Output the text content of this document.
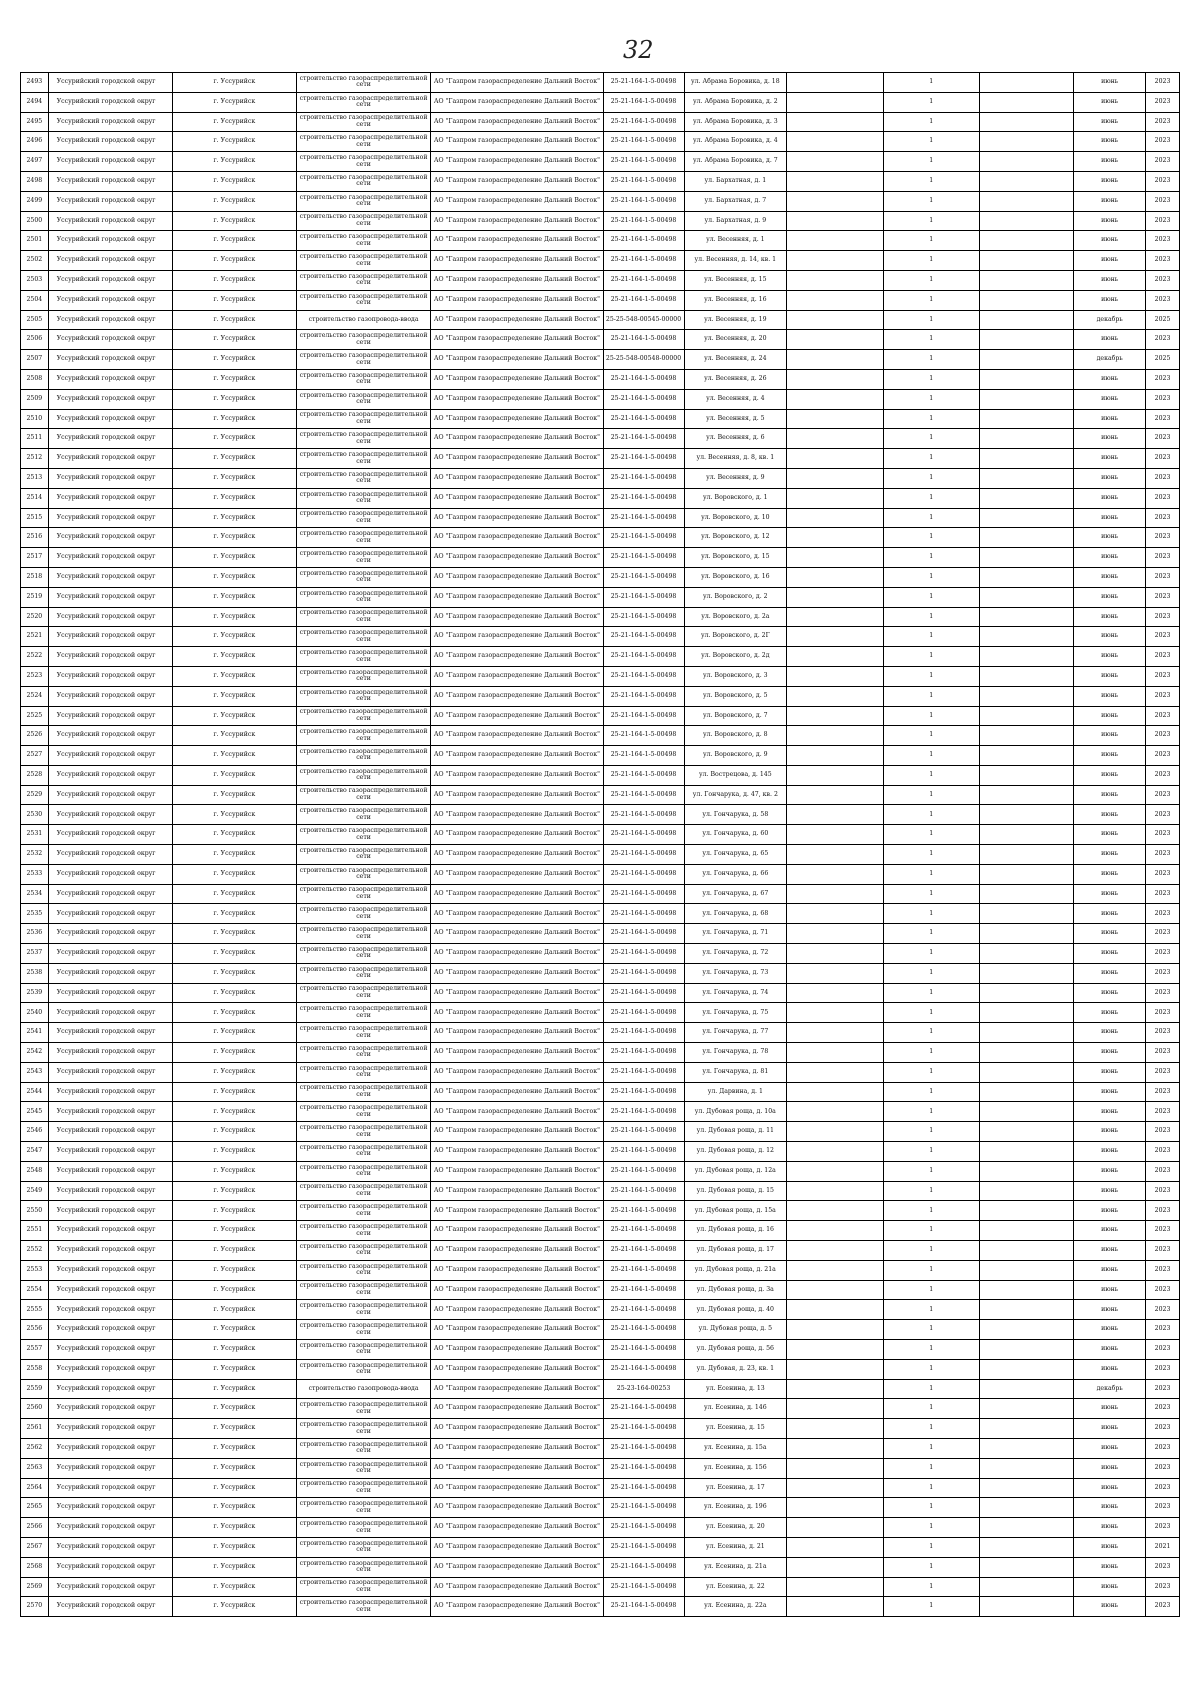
32
2493	Уссурийский городской округ	г. Уссурийск	строительство газораспределительной сети	АО "Газпром газораспределение Дальний Восток"	25-21-164-1-5-00498	ул. Абрама Боровика, д. 18		1		июнь	2023
2494	Уссурийский городской округ	г. Уссурийск	строительство газораспределительной сети	АО "Газпром газораспределение Дальний Восток"	25-21-164-1-5-00498	ул. Абрама Боровика, д. 2		1		июнь	2023
2495	Уссурийский городской округ	г. Уссурийск	строительство газораспределительной сети	АО "Газпром газораспределение Дальний Восток"	25-21-164-1-5-00498	ул. Абрама Боровика, д. 3		1		июнь	2023
2496	Уссурийский городской округ	г. Уссурийск	строительство газораспределительной сети	АО "Газпром газораспределение Дальний Восток"	25-21-164-1-5-00498	ул. Абрама Боровика, д. 4		1		июнь	2023
2497	Уссурийский городской округ	г. Уссурийск	строительство газораспределительной сети	АО "Газпром газораспределение Дальний Восток"	25-21-164-1-5-00498	ул. Абрама Боровика, д. 7		1		июнь	2023
2498	Уссурийский городской округ	г. Уссурийск	строительство газораспределительной сети	АО "Газпром газораспределение Дальний Восток"	25-21-164-1-5-00498	ул. Бархатная, д. 1		1		июнь	2023
2499	Уссурийский городской округ	г. Уссурийск	строительство газораспределительной сети	АО "Газпром газораспределение Дальний Восток"	25-21-164-1-5-00498	ул. Бархатная, д. 7		1		июнь	2023
2500	Уссурийский городской округ	г. Уссурийск	строительство газораспределительной сети	АО "Газпром газораспределение Дальний Восток"	25-21-164-1-5-00498	ул. Бархатная, д. 9		1		июнь	2023
2501	Уссурийский городской округ	г. Уссурийск	строительство газораспределительной сети	АО "Газпром газораспределение Дальний Восток"	25-21-164-1-5-00498	ул. Весенняя, д. 1		1		июнь	2023
2502	Уссурийский городской округ	г. Уссурийск	строительство газораспределительной сети	АО "Газпром газораспределение Дальний Восток"	25-21-164-1-5-00498	ул. Весенняя, д. 14, кв. 1		1		июнь	2023
2503	Уссурийский городской округ	г. Уссурийск	строительство газораспределительной сети	АО "Газпром газораспределение Дальний Восток"	25-21-164-1-5-00498	ул. Весенняя, д. 15		1		июнь	2023
2504	Уссурийский городской округ	г. Уссурийск	строительство газораспределительной сети	АО "Газпром газораспределение Дальний Восток"	25-21-164-1-5-00498	ул. Весенняя, д. 16		1		июнь	2023
2505	Уссурийский городской округ	г. Уссурийск	строительство газопровода-ввода	АО "Газпром газораспределение Дальний Восток"	25-25-548-00545-00000	ул. Весенняя, д. 19		1		декабрь	2025
2506	Уссурийский городской округ	г. Уссурийск	строительство газораспределительной сети	АО "Газпром газораспределение Дальний Восток"	25-21-164-1-5-00498	ул. Весенняя, д. 20		1		июнь	2023
2507	Уссурийский городской округ	г. Уссурийск	строительство газораспределительной сети	АО "Газпром газораспределение Дальний Восток"	25-25-548-00548-00000	ул. Весенняя, д. 24		1		декабрь	2025
2508	Уссурийский городской округ	г. Уссурийск	строительство газораспределительной сети	АО "Газпром газораспределение Дальний Восток"	25-21-164-1-5-00498	ул. Весенняя, д. 26		1		июнь	2023
2509	Уссурийский городской округ	г. Уссурийск	строительство газораспределительной сети	АО "Газпром газораспределение Дальний Восток"	25-21-164-1-5-00498	ул. Весенняя, д. 4		1		июнь	2023
2510	Уссурийский городской округ	г. Уссурийск	строительство газораспределительной сети	АО "Газпром газораспределение Дальний Восток"	25-21-164-1-5-00498	ул. Весенняя, д. 5		1		июнь	2023
2511	Уссурийский городской округ	г. Уссурийск	строительство газораспределительной сети	АО "Газпром газораспределение Дальний Восток"	25-21-164-1-5-00498	ул. Весенняя, д. 6		1		июнь	2023
2512	Уссурийский городской округ	г. Уссурийск	строительство газораспределительной сети	АО "Газпром газораспределение Дальний Восток"	25-21-164-1-5-00498	ул. Весенняя, д. 8, кв. 1		1		июнь	2023
2513	Уссурийский городской округ	г. Уссурийск	строительство газораспределительной сети	АО "Газпром газораспределение Дальний Восток"	25-21-164-1-5-00498	ул. Весенняя, д. 9		1		июнь	2023
2514	Уссурийский городской округ	г. Уссурийск	строительство газораспределительной сети	АО "Газпром газораспределение Дальний Восток"	25-21-164-1-5-00498	ул. Воровского, д. 1		1		июнь	2023
2515	Уссурийский городской округ	г. Уссурийск	строительство газораспределительной сети	АО "Газпром газораспределение Дальний Восток"	25-21-164-1-5-00498	ул. Воровского, д. 10		1		июнь	2023
2516	Уссурийский городской округ	г. Уссурийск	строительство газораспределительной сети	АО "Газпром газораспределение Дальний Восток"	25-21-164-1-5-00498	ул. Воровского, д. 12		1		июнь	2023
2517	Уссурийский городской округ	г. Уссурийск	строительство газораспределительной сети	АО "Газпром газораспределение Дальний Восток"	25-21-164-1-5-00498	ул. Воровского, д. 15		1		июнь	2023
2518	Уссурийский городской округ	г. Уссурийск	строительство газораспределительной сети	АО "Газпром газораспределение Дальний Восток"	25-21-164-1-5-00498	ул. Воровского, д. 16		1		июнь	2023
2519	Уссурийский городской округ	г. Уссурийск	строительство газораспределительной сети	АО "Газпром газораспределение Дальний Восток"	25-21-164-1-5-00498	ул. Воровского, д. 2		1		июнь	2023
2520	Уссурийский городской округ	г. Уссурийск	строительство газораспределительной сети	АО "Газпром газораспределение Дальний Восток"	25-21-164-1-5-00498	ул. Воровского, д. 2а		1		июнь	2023
2521	Уссурийский городской округ	г. Уссурийск	строительство газораспределительной сети	АО "Газпром газораспределение Дальний Восток"	25-21-164-1-5-00498	ул. Воровского, д. 2Г		1		июнь	2023
2522	Уссурийский городской округ	г. Уссурийск	строительство газораспределительной сети	АО "Газпром газораспределение Дальний Восток"	25-21-164-1-5-00498	ул. Воровского, д. 2д		1		июнь	2023
2523	Уссурийский городской округ	г. Уссурийск	строительство газораспределительной сети	АО "Газпром газораспределение Дальний Восток"	25-21-164-1-5-00498	ул. Воровского, д. 3		1		июнь	2023
2524	Уссурийский городской округ	г. Уссурийск	строительство газораспределительной сети	АО "Газпром газораспределение Дальний Восток"	25-21-164-1-5-00498	ул. Воровского, д. 5		1		июнь	2023
2525	Уссурийский городской округ	г. Уссурийск	строительство газораспределительной сети	АО "Газпром газораспределение Дальний Восток"	25-21-164-1-5-00498	ул. Воровского, д. 7		1		июнь	2023
2526	Уссурийский городской округ	г. Уссурийск	строительство газораспределительной сети	АО "Газпром газораспределение Дальний Восток"	25-21-164-1-5-00498	ул. Воровского, д. 8		1		июнь	2023
2527	Уссурийский городской округ	г. Уссурийск	строительство газораспределительной сети	АО "Газпром газораспределение Дальний Восток"	25-21-164-1-5-00498	ул. Воровского, д. 9		1		июнь	2023
2528	Уссурийский городской округ	г. Уссурийск	строительство газораспределительной сети	АО "Газпром газораспределение Дальний Восток"	25-21-164-1-5-00498	ул. Вострецова, д. 145		1		июнь	2023
2529	Уссурийский городской округ	г. Уссурийск	строительство газораспределительной сети	АО "Газпром газораспределение Дальний Восток"	25-21-164-1-5-00498	ул. Гончарука, д. 47, кв. 2		1		июнь	2023
2530	Уссурийский городской округ	г. Уссурийск	строительство газораспределительной сети	АО "Газпром газораспределение Дальний Восток"	25-21-164-1-5-00498	ул. Гончарука, д. 58		1		июнь	2023
2531	Уссурийский городской округ	г. Уссурийск	строительство газораспределительной сети	АО "Газпром газораспределение Дальний Восток"	25-21-164-1-5-00498	ул. Гончарука, д. 60		1		июнь	2023
2532	Уссурийский городской округ	г. Уссурийск	строительство газораспределительной сети	АО "Газпром газораспределение Дальний Восток"	25-21-164-1-5-00498	ул. Гончарука, д. 65		1		июнь	2023
2533	Уссурийский городской округ	г. Уссурийск	строительство газораспределительной сети	АО "Газпром газораспределение Дальний Восток"	25-21-164-1-5-00498	ул. Гончарука, д. 66		1		июнь	2023
2534	Уссурийский городской округ	г. Уссурийск	строительство газораспределительной сети	АО "Газпром газораспределение Дальний Восток"	25-21-164-1-5-00498	ул. Гончарука, д. 67		1		июнь	2023
2535	Уссурийский городской округ	г. Уссурийск	строительство газораспределительной сети	АО "Газпром газораспределение Дальний Восток"	25-21-164-1-5-00498	ул. Гончарука, д. 68		1		июнь	2023
2536	Уссурийский городской округ	г. Уссурийск	строительство газораспределительной сети	АО "Газпром газораспределение Дальний Восток"	25-21-164-1-5-00498	ул. Гончарука, д. 71		1		июнь	2023
2537	Уссурийский городской округ	г. Уссурийск	строительство газораспределительной сети	АО "Газпром газораспределение Дальний Восток"	25-21-164-1-5-00498	ул. Гончарука, д. 72		1		июнь	2023
2538	Уссурийский городской округ	г. Уссурийск	строительство газораспределительной сети	АО "Газпром газораспределение Дальний Восток"	25-21-164-1-5-00498	ул. Гончарука, д. 73		1		июнь	2023
2539	Уссурийский городской округ	г. Уссурийск	строительство газораспределительной сети	АО "Газпром газораспределение Дальний Восток"	25-21-164-1-5-00498	ул. Гончарука, д. 74		1		июнь	2023
2540	Уссурийский городской округ	г. Уссурийск	строительство газораспределительной сети	АО "Газпром газораспределение Дальний Восток"	25-21-164-1-5-00498	ул. Гончарука, д. 75		1		июнь	2023
2541	Уссурийский городской округ	г. Уссурийск	строительство газораспределительной сети	АО "Газпром газораспределение Дальний Восток"	25-21-164-1-5-00498	ул. Гончарука, д. 77		1		июнь	2023
2542	Уссурийский городской округ	г. Уссурийск	строительство газораспределительной сети	АО "Газпром газораспределение Дальний Восток"	25-21-164-1-5-00498	ул. Гончарука, д. 78		1		июнь	2023
2543	Уссурийский городской округ	г. Уссурийск	строительство газораспределительной сети	АО "Газпром газораспределение Дальний Восток"	25-21-164-1-5-00498	ул. Гончарука, д. 81		1		июнь	2023
2544	Уссурийский городской округ	г. Уссурийск	строительство газораспределительной сети	АО "Газпром газораспределение Дальний Восток"	25-21-164-1-5-00498	ул. Дарвина, д. 1		1		июнь	2023
2545	Уссурийский городской округ	г. Уссурийск	строительство газораспределительной сети	АО "Газпром газораспределение Дальний Восток"	25-21-164-1-5-00498	ул. Дубовая роща, д. 10а		1		июнь	2023
2546	Уссурийский городской округ	г. Уссурийск	строительство газораспределительной сети	АО "Газпром газораспределение Дальний Восток"	25-21-164-1-5-00498	ул. Дубовая роща, д. 11		1		июнь	2023
2547	Уссурийский городской округ	г. Уссурийск	строительство газораспределительной сети	АО "Газпром газораспределение Дальний Восток"	25-21-164-1-5-00498	ул. Дубовая роща, д. 12		1		июнь	2023
2548	Уссурийский городской округ	г. Уссурийск	строительство газораспределительной сети	АО "Газпром газораспределение Дальний Восток"	25-21-164-1-5-00498	ул. Дубовая роща, д. 12а		1		июнь	2023
2549	Уссурийский городской округ	г. Уссурийск	строительство газораспределительной сети	АО "Газпром газораспределение Дальний Восток"	25-21-164-1-5-00498	ул. Дубовая роща, д. 15		1		июнь	2023
2550	Уссурийский городской округ	г. Уссурийск	строительство газораспределительной сети	АО "Газпром газораспределение Дальний Восток"	25-21-164-1-5-00498	ул. Дубовая роща, д. 15а		1		июнь	2023
2551	Уссурийский городской округ	г. Уссурийск	строительство газораспределительной сети	АО "Газпром газораспределение Дальний Восток"	25-21-164-1-5-00498	ул. Дубовая роща, д. 16		1		июнь	2023
2552	Уссурийский городской округ	г. Уссурийск	строительство газораспределительной сети	АО "Газпром газораспределение Дальний Восток"	25-21-164-1-5-00498	ул. Дубовая роща, д. 17		1		июнь	2023
2553	Уссурийский городской округ	г. Уссурийск	строительство газораспределительной сети	АО "Газпром газораспределение Дальний Восток"	25-21-164-1-5-00498	ул. Дубовая роща, д. 21а		1		июнь	2023
2554	Уссурийский городской округ	г. Уссурийск	строительство газораспределительной сети	АО "Газпром газораспределение Дальний Восток"	25-21-164-1-5-00498	ул. Дубовая роща, д. 3а		1		июнь	2023
2555	Уссурийский городской округ	г. Уссурийск	строительство газораспределительной сети	АО "Газпром газораспределение Дальний Восток"	25-21-164-1-5-00498	ул. Дубовая роща, д. 40		1		июнь	2023
2556	Уссурийский городской округ	г. Уссурийск	строительство газораспределительной сети	АО "Газпром газораспределение Дальний Восток"	25-21-164-1-5-00498	ул. Дубовая роща, д. 5		1		июнь	2023
2557	Уссурийский городской округ	г. Уссурийск	строительство газораспределительной сети	АО "Газпром газораспределение Дальний Восток"	25-21-164-1-5-00498	ул. Дубовая роща, д. 56		1		июнь	2023
2558	Уссурийский городской округ	г. Уссурийск	строительство газораспределительной сети	АО "Газпром газораспределение Дальний Восток"	25-21-164-1-5-00498	ул. Дубовая, д. 23, кв. 1		1		июнь	2023
2559	Уссурийский городской округ	г. Уссурийск	строительство газопровода-ввода	АО "Газпром газораспределение Дальний Восток"	25-23-164-00253	ул. Есенина, д. 13		1		декабрь	2023
2560	Уссурийский городской округ	г. Уссурийск	строительство газораспределительной сети	АО "Газпром газораспределение Дальний Восток"	25-21-164-1-5-00498	ул. Есенина, д. 146		1		июнь	2023
2561	Уссурийский городской округ	г. Уссурийск	строительство газораспределительной сети	АО "Газпром газораспределение Дальний Восток"	25-21-164-1-5-00498	ул. Есенина, д. 15		1		июнь	2023
2562	Уссурийский городской округ	г. Уссурийск	строительство газораспределительной сети	АО "Газпром газораспределение Дальний Восток"	25-21-164-1-5-00498	ул. Есенина, д. 15а		1		июнь	2023
2563	Уссурийский городской округ	г. Уссурийск	строительство газораспределительной сети	АО "Газпром газораспределение Дальний Восток"	25-21-164-1-5-00498	ул. Есенина, д. 156		1		июнь	2023
2564	Уссурийский городской округ	г. Уссурийск	строительство газораспределительной сети	АО "Газпром газораспределение Дальний Восток"	25-21-164-1-5-00498	ул. Есенина, д. 17		1		июнь	2023
2565	Уссурийский городской округ	г. Уссурийск	строительство газораспределительной сети	АО "Газпром газораспределение Дальний Восток"	25-21-164-1-5-00498	ул. Есенина, д. 196		1		июнь	2023
2566	Уссурийский городской округ	г. Уссурийск	строительство газораспределительной сети	АО "Газпром газораспределение Дальний Восток"	25-21-164-1-5-00498	ул. Есенина, д. 20		1		июнь	2023
2567	Уссурийский городской округ	г. Уссурийск	строительство газораспределительной сети	АО "Газпром газораспределение Дальний Восток"	25-21-164-1-5-00498	ул. Есенина, д. 21		1		июнь	2021
2568	Уссурийский городской округ	г. Уссурийск	строительство газораспределительной сети	АО "Газпром газораспределение Дальний Восток"	25-21-164-1-5-00498	ул. Есенина, д. 21а		1		июнь	2023
2569	Уссурийский городской округ	г. Уссурийск	строительство газораспределительной сети	АО "Газпром газораспределение Дальний Восток"	25-21-164-1-5-00498	ул. Есенина, д. 22		1		июнь	2023
2570	Уссурийский городской округ	г. Уссурийск	строительство газораспределительной сети	АО "Газпром газораспределение Дальний Восток"	25-21-164-1-5-00498	ул. Есенина, д. 22а		1		июнь	2023
